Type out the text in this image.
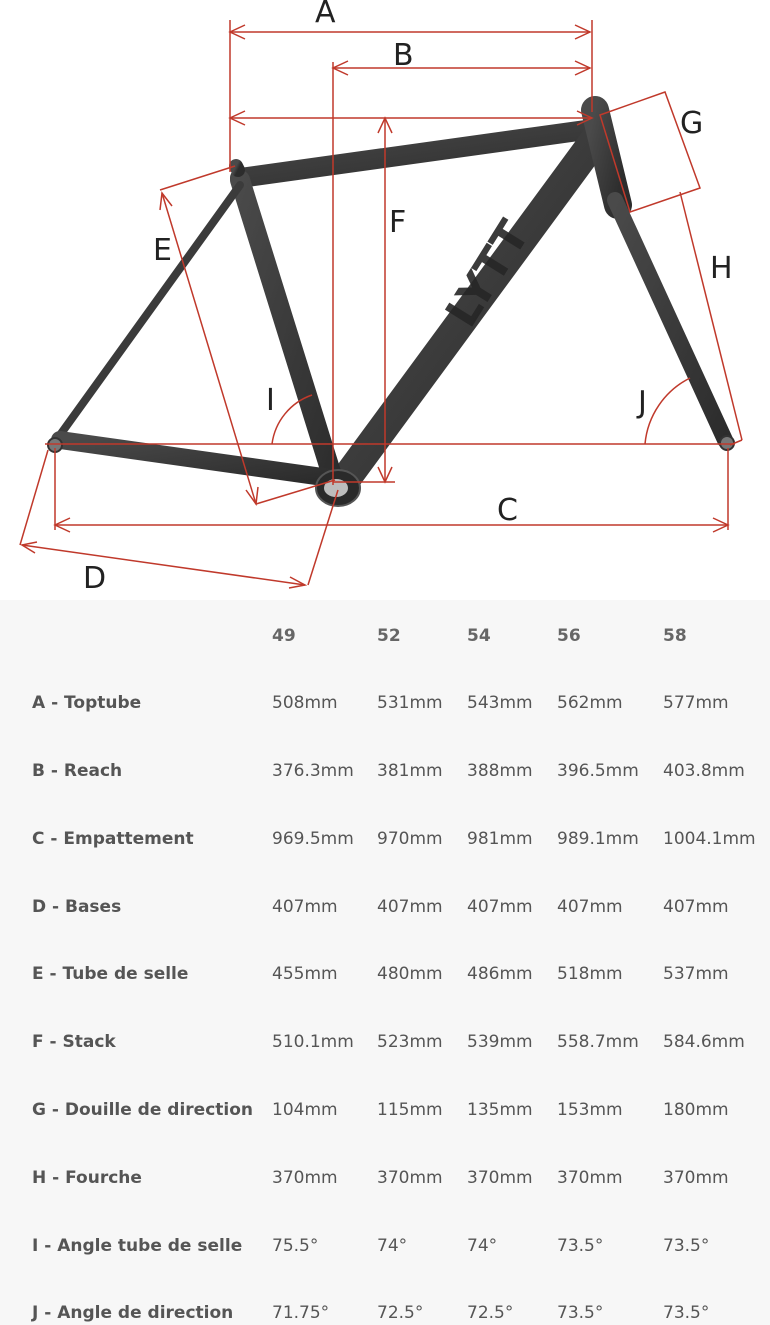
LYTT
A
B
C
D
E
F
G
H
I	J
49	52	54	56	58
A - Toptube	508mm 531mm 543mm 562mm 577mm
B - Reach	376.3mm 381mm 388mm 396.5mm 403.8mm
C - Empattement	969.5mm 970mm 981mm 989.1mm 1004.1mm
D - Bases	407mm 407mm 407mm 407mm 407mm
E - Tube de selle	455mm 480mm 486mm 518mm 537mm
F - Stack	510.1mm 523mm 539mm 558.7mm 584.6mm
G - Douille de direction 104mm 115mm 135mm 153mm 180mm
H - Fourche	370mm 370mm 370mm 370mm 370mm
I - Angle tube de selle 75.5°	74°	74°	73.5°	73.5°
J - Angle de direction 71.75°	72.5°	72.5°	73.5°	73.5°
